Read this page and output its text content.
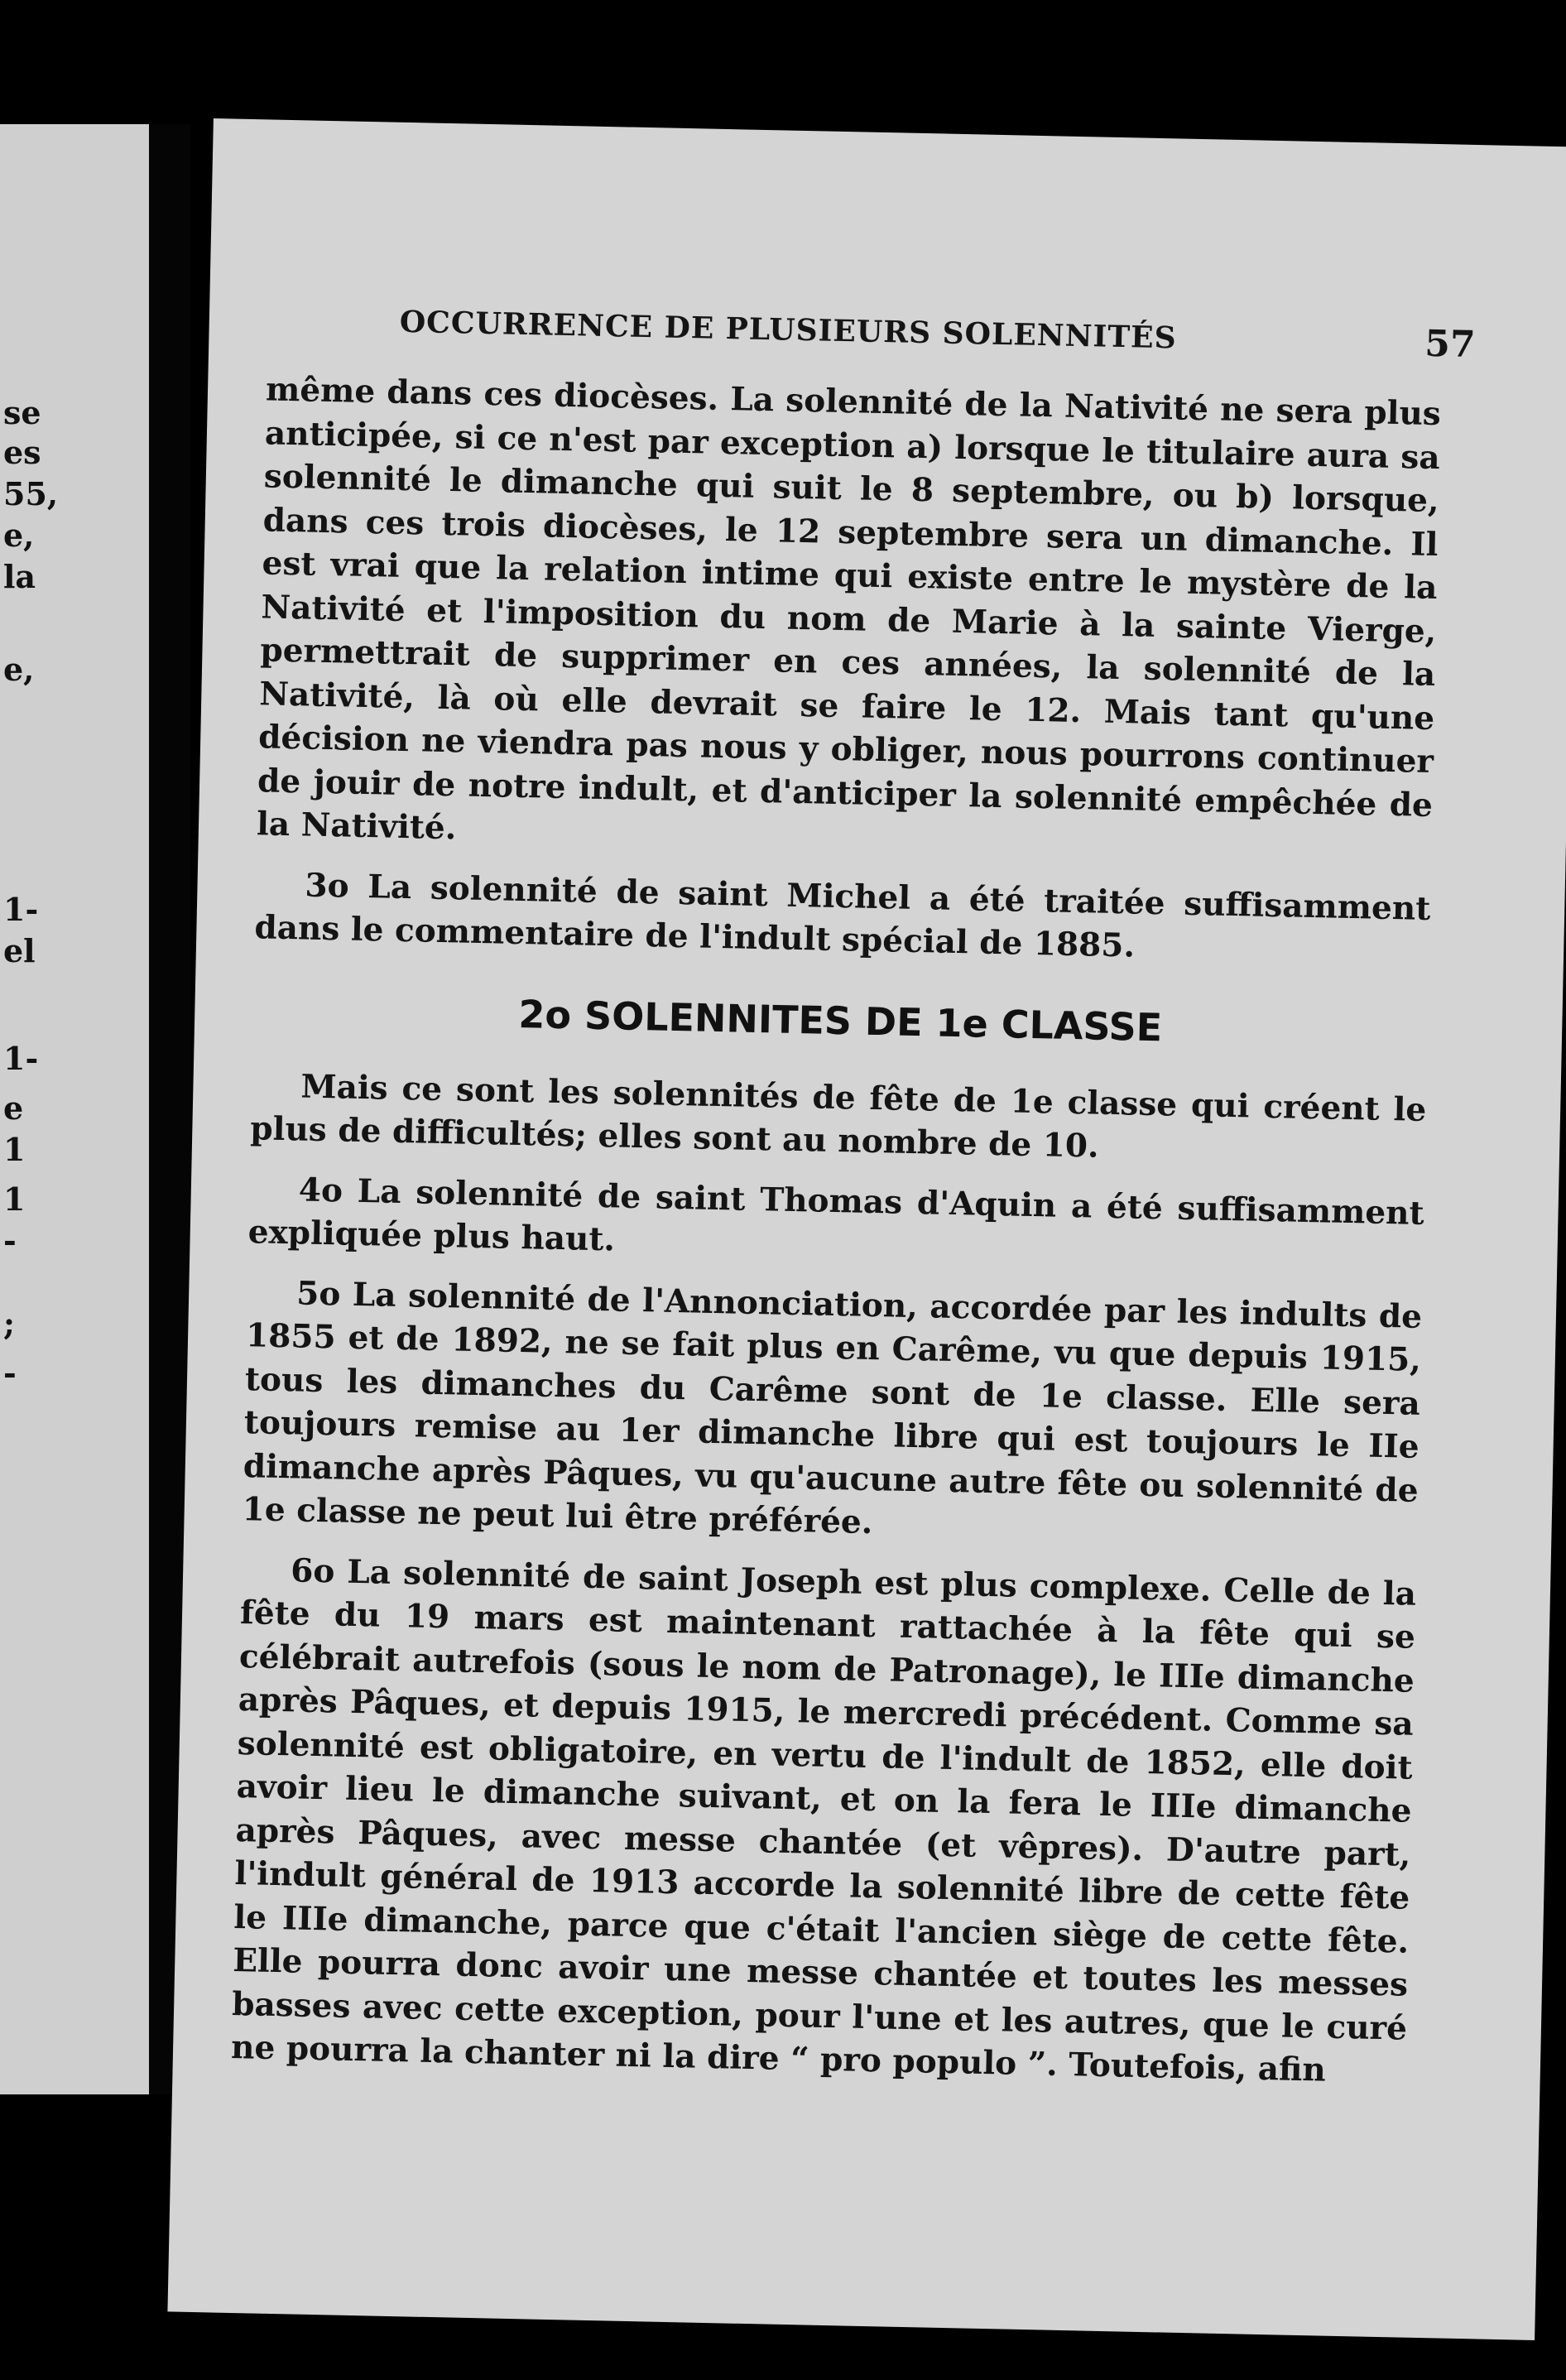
se
es
55,
e,
la
e,
1-
el
1-
e
1
1
-
;
-
OCCURRENCE DE PLUSIEURS SOLENNITÉS	57

même dans ces diocèses. La solennité de la Nativité ne sera plus anticipée, si ce n'est par exception a) lorsque le titulaire aura sa solennité le dimanche qui suit le 8 septembre, ou b) lorsque, dans ces trois diocèses, le 12 septembre sera un dimanche. Il est vrai que la relation intime qui existe entre le mystère de la Nativité et l'imposition du nom de Marie à la sainte Vierge, permettrait de supprimer en ces années, la solennité de la Nativité, là où elle devrait se faire le 12. Mais tant qu'une décision ne viendra pas nous y obliger, nous pourrons continuer de jouir de notre indult, et d'anticiper la solennité empêchée de la Nativité.

3o La solennité de saint Michel a été traitée suffisamment dans le commentaire de l'indult spécial de 1885.

2o SOLENNITES DE 1e CLASSE

Mais ce sont les solennités de fête de 1e classe qui créent le plus de difficultés; elles sont au nombre de 10.

4o La solennité de saint Thomas d'Aquin a été suffisamment expliquée plus haut.

5o La solennité de l'Annonciation, accordée par les indults de 1855 et de 1892, ne se fait plus en Carême, vu que depuis 1915, tous les dimanches du Carême sont de 1e classe. Elle sera toujours remise au 1er dimanche libre qui est toujours le IIe dimanche après Pâques, vu qu'aucune autre fête ou solennité de 1e classe ne peut lui être préférée.

6o La solennité de saint Joseph est plus complexe. Celle de la fête du 19 mars est maintenant rattachée à la fête qui se célébrait autrefois (sous le nom de Patronage), le IIIe dimanche après Pâques, et depuis 1915, le mercredi précédent. Comme sa solennité est obligatoire, en vertu de l'indult de 1852, elle doit avoir lieu le dimanche suivant, et on la fera le IIIe dimanche après Pâques, avec messe chantée (et vêpres). D'autre part, l'indult général de 1913 accorde la solennité libre de cette fête le IIIe dimanche, parce que c'était l'ancien siège de cette fête. Elle pourra donc avoir une messe chantée et toutes les messes basses avec cette exception, pour l'une et les autres, que le curé ne pourra la chanter ni la dire “ pro populo ”. Toutefois, afin
